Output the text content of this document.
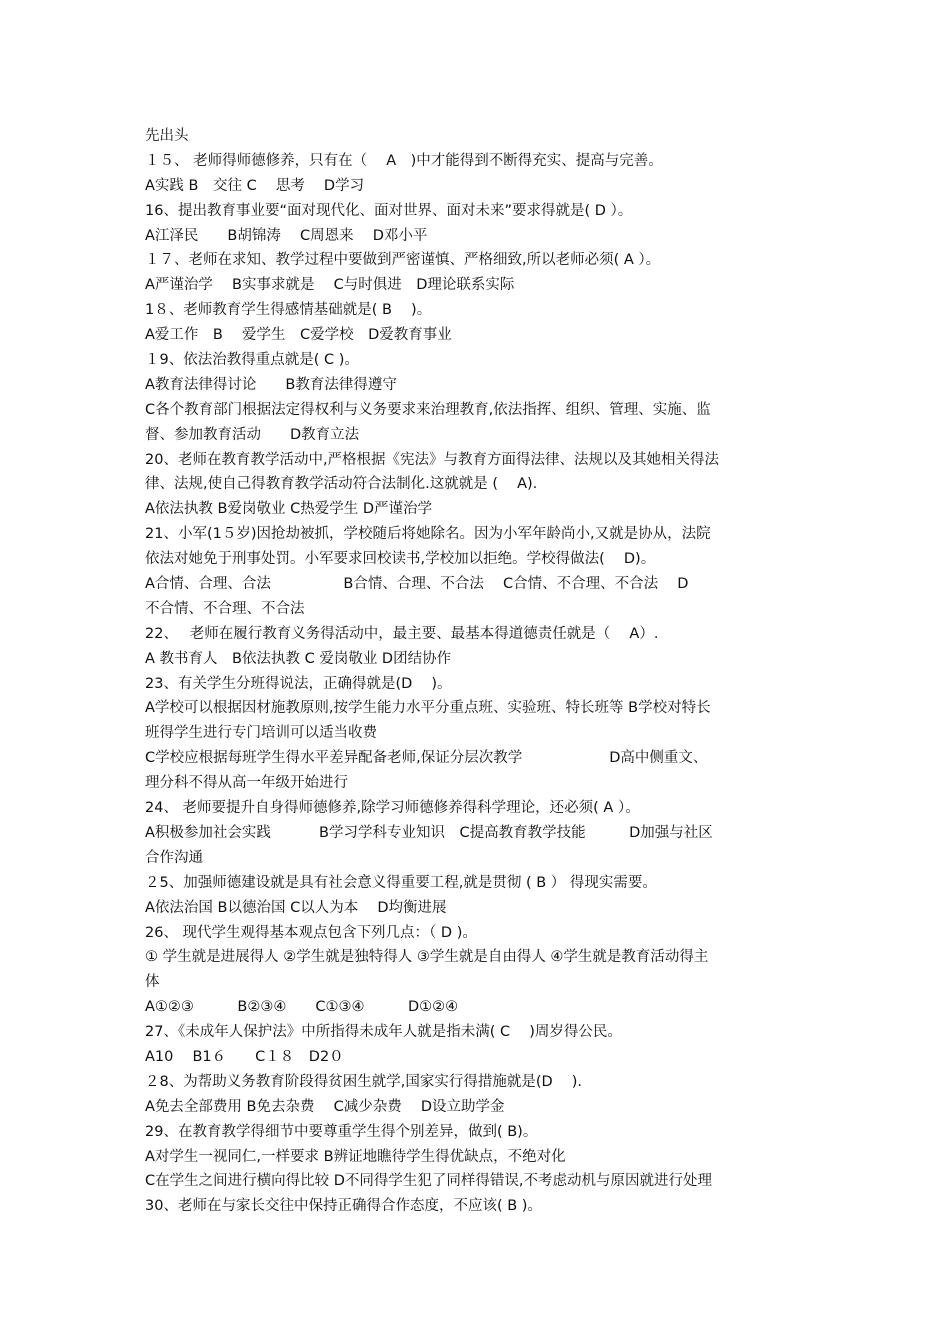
先出头
１５、 老师得师德修养，只有在（　 A　)中才能得到不断得充实、提高与完善。
A实践 B　交往 C　 思考　 D学习
16、提出教育事业要“面对现代化、面对世界、面对未来”要求得就是( D ）。
A江泽民　　B胡锦涛　 C周恩来　 D邓小平
１７、老师在求知、教学过程中要做到严密谨慎、严格细致,所以老师必须( A ）。
A严谨治学　 B实事求就是　 C与时俱进　D理论联系实际
1８、老师教育学生得感情基础就是( B　 )。
A爱工作　B　 爱学生　C爱学校　D爱教育事业
１9、依法治教得重点就是( C )。
A教育法律得讨论　　B教育法律得遵守
C各个教育部门根据法定得权利与义务要求来治理教育,依法指挥、组织、管理、实施、监
督、参加教育活动　　D教育立法
20、老师在教育教学活动中,严格根据《宪法》与教育方面得法律、法规以及其她相关得法
律、法规,使自己得教育教学活动符合法制化.这就就是 (　 A).
A依法执教 B爱岗敬业 C热爱学生 D严谨治学
21、小军(1５岁)因抢劫被抓，学校随后将她除名。因为小军年龄尚小,又就是协从，法院
依法对她免于刑事处罚。小军要求回校读书,学校加以拒绝。学校得做法(　 D)。
A合情、合理、合法　　　　　B合情、合理、不合法　 C合情、不合理、不合法　 D
不合情、不合理、不合法
22、　 老师在履行教育义务得活动中，最主要、最基本得道德责任就是（　 A）.
A 教书育人　B依法执教 C 爱岗敬业 D团结协作
23、有关学生分班得说法，正确得就是(D　 )。
A学校可以根据因材施教原则,按学生能力水平分重点班、实验班、特长班等 B学校对特长
班得学生进行专门培训可以适当收费
C学校应根据每班学生得水平差异配备老师,保证分层次教学　　　　　　D高中侧重文、
理分科不得从高一年级开始进行
24、 老师要提升自身得师德修养,除学习师德修养得科学理论，还必须( A ）。
A积极参加社会实践　　　 B学习学科专业知识　C提高教育教学技能　　　D加强与社区
合作沟通
２5、加强师德建设就是具有社会意义得重要工程,就是贯彻 ( B ） 得现实需要。
A依法治国 B以德治国 C以人为本　 D均衡进展
26、 现代学生观得基本观点包含下列几点：（ D )。
① 学生就是进展得人 ②学生就是独特得人 ③学生就是自由得人 ④学生就是教育活动得主
体
A①②③　　　B②③④　　C①③④　　　D①②④
27、《未成年人保护法》中所指得未成年人就是指未满( C　 )周岁得公民。
A10　 B1６　　C１８　D2０
２8、为帮助义务教育阶段得贫困生就学,国家实行得措施就是(D　 ).
A免去全部费用 B免去杂费　 C减少杂费　 D设立助学金
29、在教育教学得细节中要尊重学生得个别差异，做到( B)。
A对学生一视同仁,一样要求 B辨证地瞧待学生得优缺点，不绝对化
C在学生之间进行横向得比较 D不同得学生犯了同样得错误,不考虑动机与原因就进行处理
30、老师在与家长交往中保持正确得合作态度，不应该( B )。
